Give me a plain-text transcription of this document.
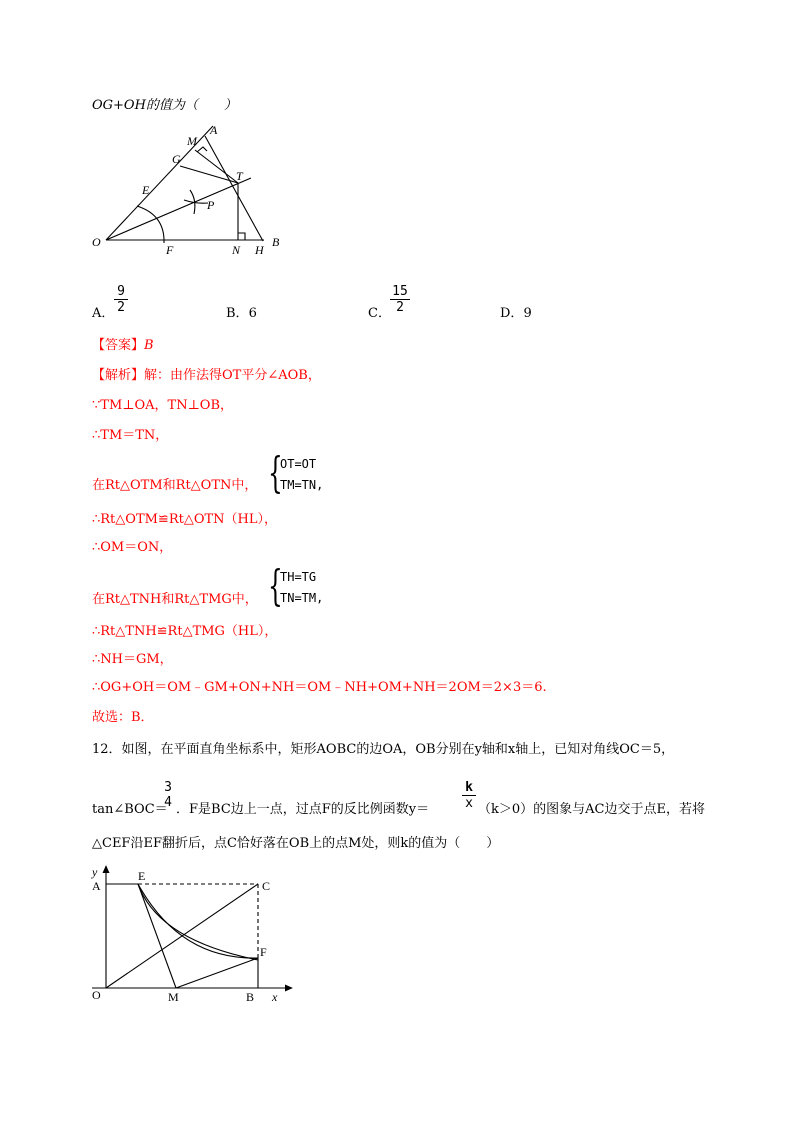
OG+OH的值为（　　）
M
A
G
T
E
P
O
F	N H
B
A． $\frac{9}{2}$	B．6	C． $\frac{15}{2}$	D．9
【答案】B
【解析】解：由作法得OT平分∠AOB，
∵TM⊥OA，TN⊥OB，
∴TM＝TN，
在Rt△OTM和Rt△OTN中， {
OT=OT
TM=TN,
∴Rt△OTM≌Rt△OTN（HL），
∴OM＝ON，
在Rt△TNH和Rt△TMG中， {
TH=TG
TN=TM,
∴Rt△TNH≌Rt△TMG（HL），
∴NH＝GM，
∴OG+OH＝OM﹣GM+ON+NH＝OM﹣NH+OM+NH＝2OM＝2×3＝6.
故选：B．
12．如图，在平面直角坐标系中，矩形AOBC的边OA，OB分别在y轴和x轴上，已知对角线OC＝5，
tan∠BOC＝
3
4 ．F是BC边上一点，过点F的反比例函数y＝	$\frac{k}{x} (k>0)$的图象与AC边交于点E，若将
△CEF沿EF翻折后，点C恰好落在OB上的点M处，则k的值为（　　）
y
A
E
C
F
O	M	B x
